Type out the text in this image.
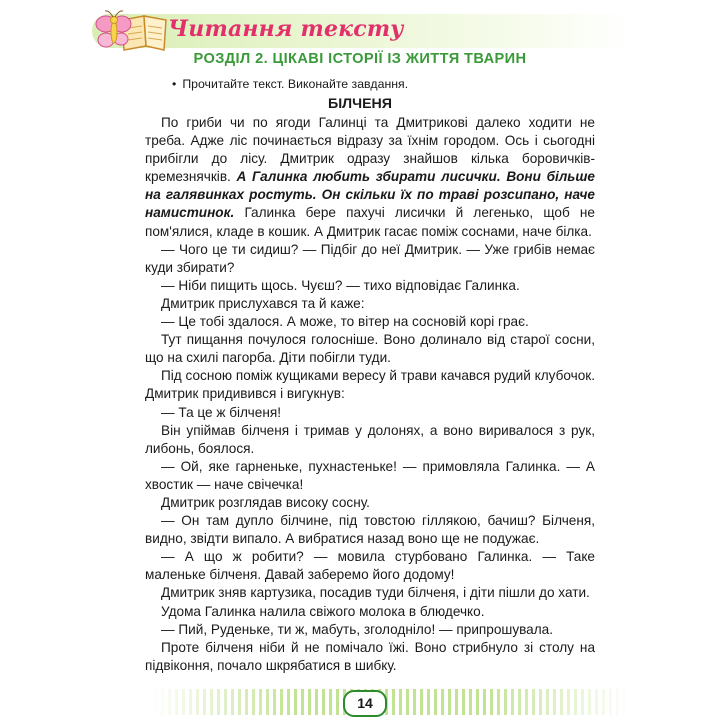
Читання тексту
РОЗДІЛ 2. ЦІКАВІ ІСТОРІЇ ІЗ ЖИТТЯ ТВАРИН
• Прочитайте текст. Виконайте завдання.
БІЛЧЕНЯ

По гриби чи по ягоди Галинці та Дмитрикові далеко ходити не треба. Адже ліс починається відразу за їхнім городом. Ось і сьогодні прибігли до лісу. Дмитрик одразу знайшов кілька боровичків-кремезнячків. А Галинка любить збирати лисички. Вони більше на галявинках ростуть. Он скільки їх по траві розсипано, наче намистинок. Галинка бере пахучі лисички й легенько, щоб не пом'ялися, кладе в кошик. А Дмитрик гасає поміж соснами, наче білка.

— Чого це ти сидиш? — Підбіг до неї Дмитрик. — Уже грибів немає куди збирати?

— Ніби пищить щось. Чуєш? — тихо відповідає Галинка.

Дмитрик прислухався та й каже:

— Це тобі здалося. А може, то вітер на сосновій корі грає.

Тут пищання почулося голосніше. Воно долинало від старої сосни, що на схилі пагорба. Діти побігли туди.

Під сосною поміж кущиками вересу й трави качався рудий клубочок. Дмитрик придивився і вигукнув:

— Та це ж білченя!

Він упіймав білченя і тримав у долонях, а воно виривалося з рук, либонь, боялося.

— Ой, яке гарненьке, пухнастеньке! — примовляла Галинка. — А хвостик — наче свічечка!

Дмитрик розглядав високу сосну.

— Он там дупло білчине, під товстою гіллякою, бачиш? Білченя, видно, звідти випало. А вибратися назад воно ще не подужає.

— А що ж робити? — мовила стурбовано Галинка. — Таке маленьке білченя. Давай заберемо його додому!

Дмитрик зняв картузика, посадив туди білченя, і діти пішли до хати.

Удома Галинка налила свіжого молока в блюдечко.

— Пий, Руденьке, ти ж, мабуть, зголодніло! — припрошувала.

Проте білченя ніби й не помічало їжі. Воно стрибнуло зі столу на підвіконня, почало шкрябатися в шибку.

14
